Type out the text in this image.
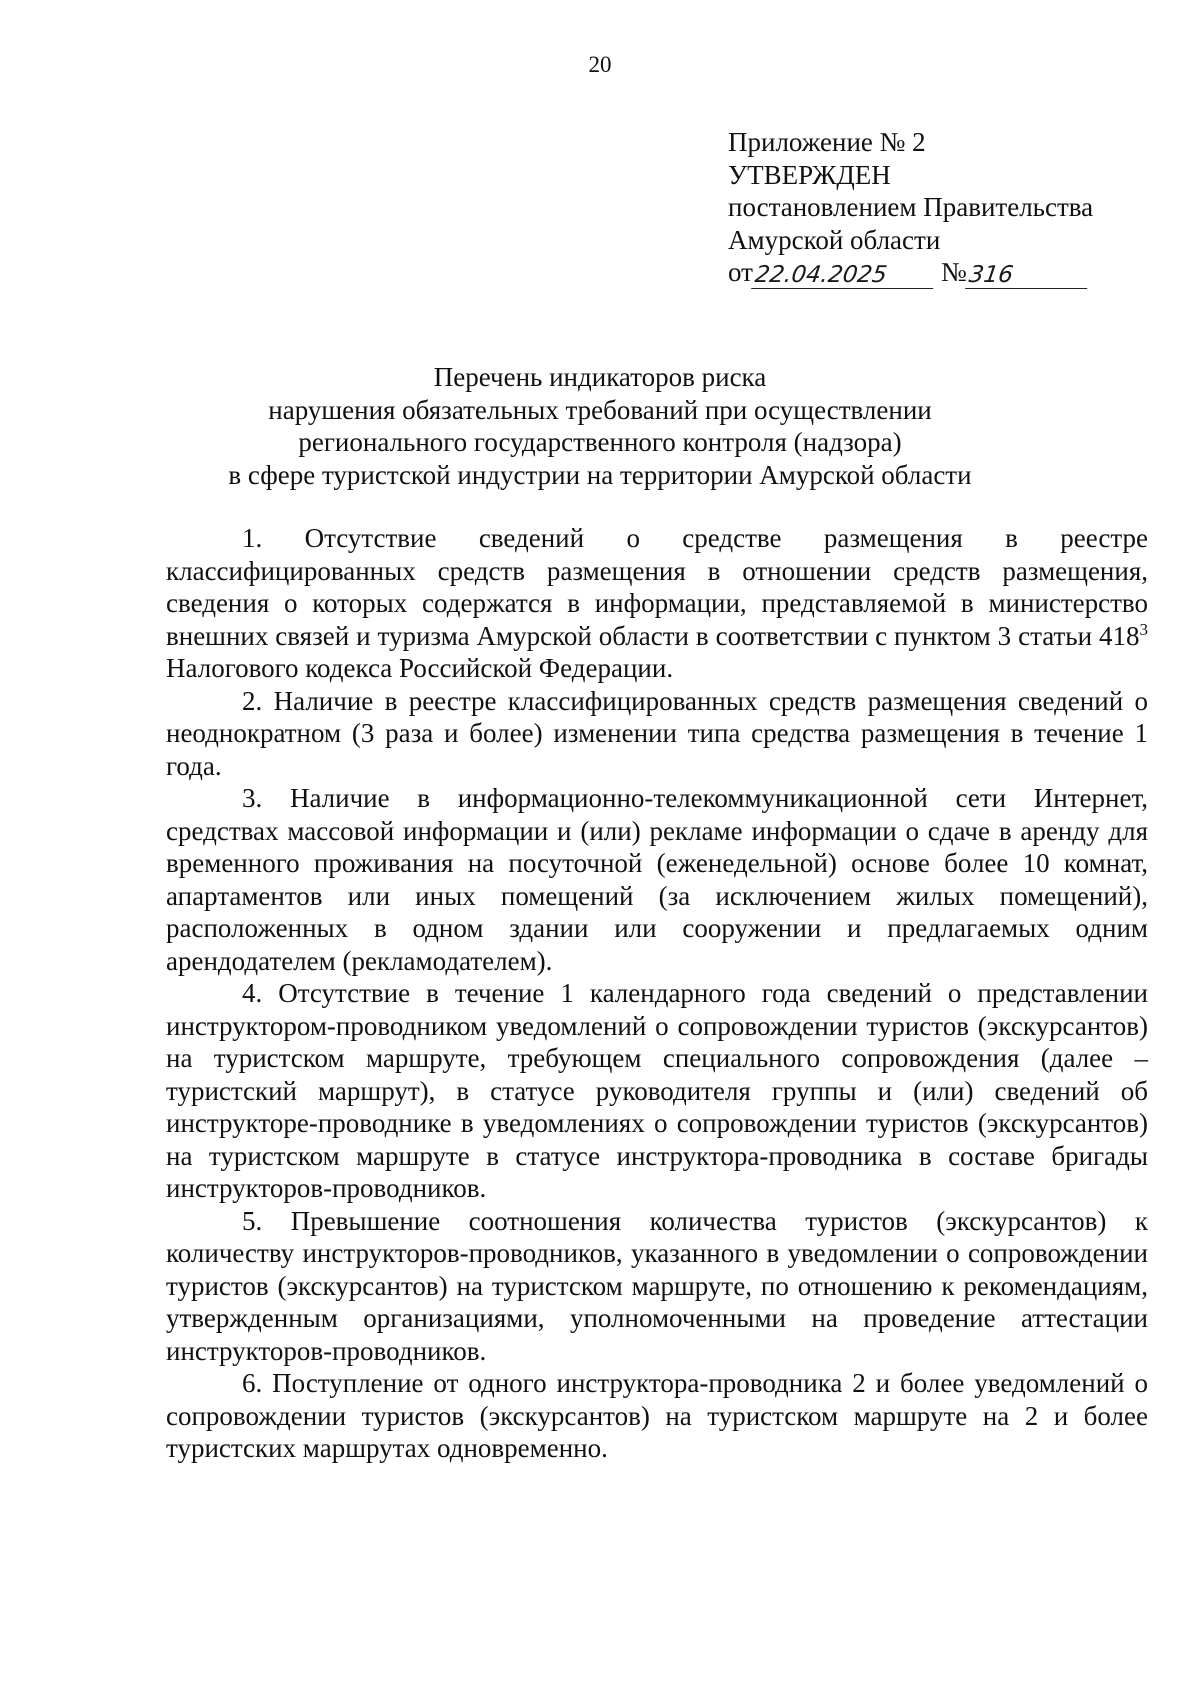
20
Приложение № 2
УТВЕРЖДЕН
постановлением Правительства
Амурской области
от 22.04.2025	№ 316
Перечень индикаторов риска
нарушения обязательных требований при осуществлении
регионального государственного контроля (надзора)
в сфере туристской индустрии на территории Амурской области

1. Отсутствие сведений о средстве размещения в реестре классифицированных средств размещения в отношении средств размещения, сведения о которых содержатся в информации, представляемой в министерство внешних связей и туризма Амурской области в соответствии с пунктом 3 статьи $418^3$ Налогового кодекса Российской Федерации.

2. Наличие в реестре классифицированных средств размещения сведений о неоднократном (3 раза и более) изменении типа средства размещения в течение 1 года.

3. Наличие в информационно-телекоммуникационной сети Интернет, средствах массовой информации и (или) рекламе информации о сдаче в аренду для временного проживания на посуточной (еженедельной) основе более 10 комнат, апартаментов или иных помещений (за исключением жилых помещений), расположенных в одном здании или сооружении и предлагаемых одним арендодателем (рекламодателем).

4. Отсутствие в течение 1 календарного года сведений о представлении инструктором-проводником уведомлений о сопровождении туристов (экскурсантов) на туристском маршруте, требующем специального сопровождения (далее – туристский маршрут), в статусе руководителя группы и (или) сведений об инструкторе-проводнике в уведомлениях о сопровождении туристов (экскурсантов) на туристском маршруте в статусе инструктора-проводника в составе бригады инструкторов-проводников.

5. Превышение соотношения количества туристов (экскурсантов) к количеству инструкторов-проводников, указанного в уведомлении о сопровождении туристов (экскурсантов) на туристском маршруте, по отношению к рекомендациям, утвержденным организациями, уполномоченными на проведение аттестации инструкторов-проводников.

6. Поступление от одного инструктора-проводника 2 и более уведомлений о сопровождении туристов (экскурсантов) на туристском маршруте на 2 и более туристских маршрутах одновременно.
